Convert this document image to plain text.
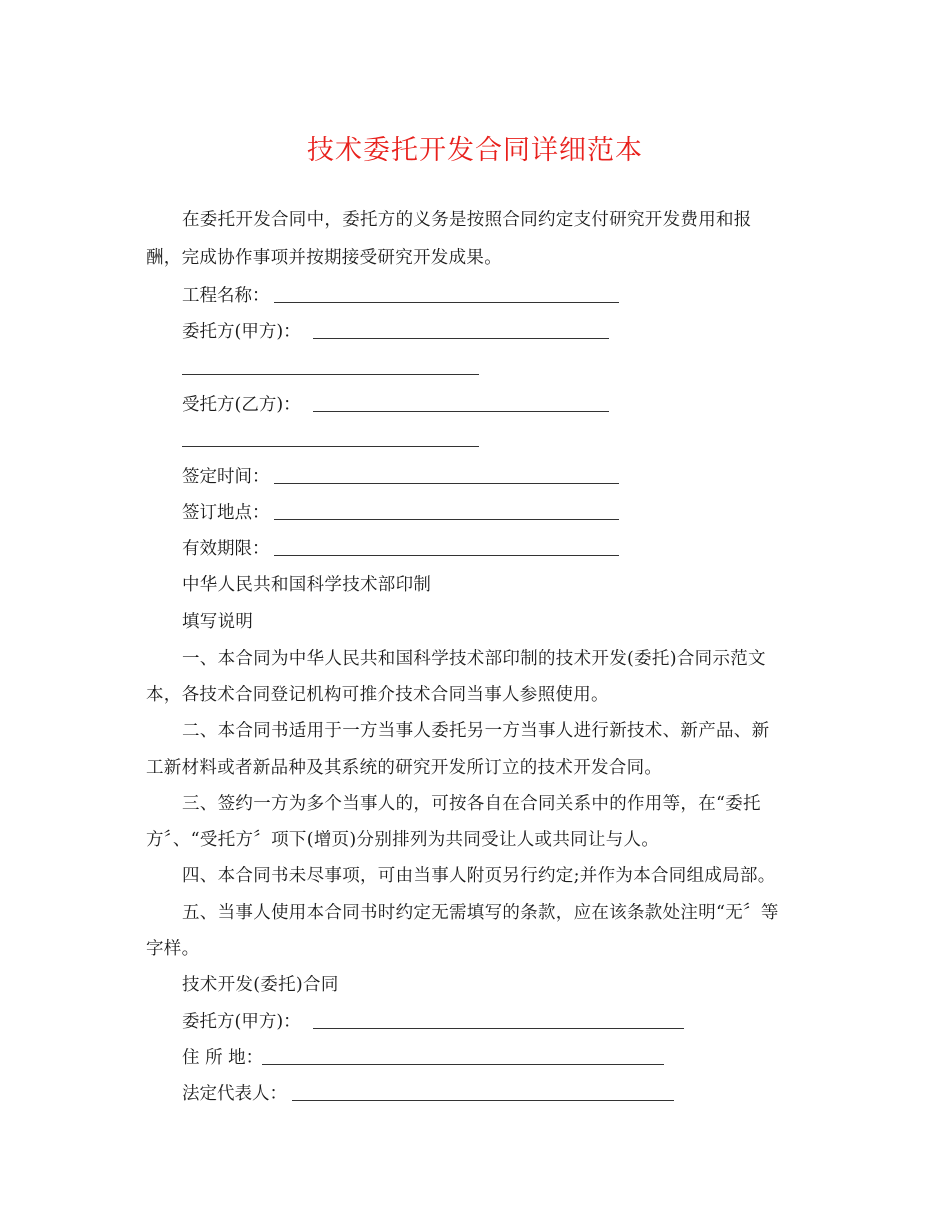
技术委托开发合同详细范本
在委托开发合同中，委托方的义务是按照合同约定支付研究开发费用和报
酬，完成协作事项并按期接受研究开发成果。
工程名称：
委托方(甲方)：
受托方(乙方)：
签定时间：
签订地点：
有效期限：
中华人民共和国科学技术部印制
填写说明
一、本合同为中华人民共和国科学技术部印制的技术开发(委托)合同示范文
本，各技术合同登记机构可推介技术合同当事人参照使用。
二、本合同书适用于一方当事人委托另一方当事人进行新技术、新产品、新
工新材料或者新品种及其系统的研究开发所订立的技术开发合同。
三、签约一方为多个当事人的，可按各自在合同关系中的作用等，在“委托
方〞、“受托方〞项下(增页)分别排列为共同受让人或共同让与人。
四、本合同书未尽事项，可由当事人附页另行约定;并作为本合同组成局部。
五、当事人使用本合同书时约定无需填写的条款，应在该条款处注明“无〞等
字样。
技术开发(委托)合同
委托方(甲方)：
住 所 地：
法定代表人：
